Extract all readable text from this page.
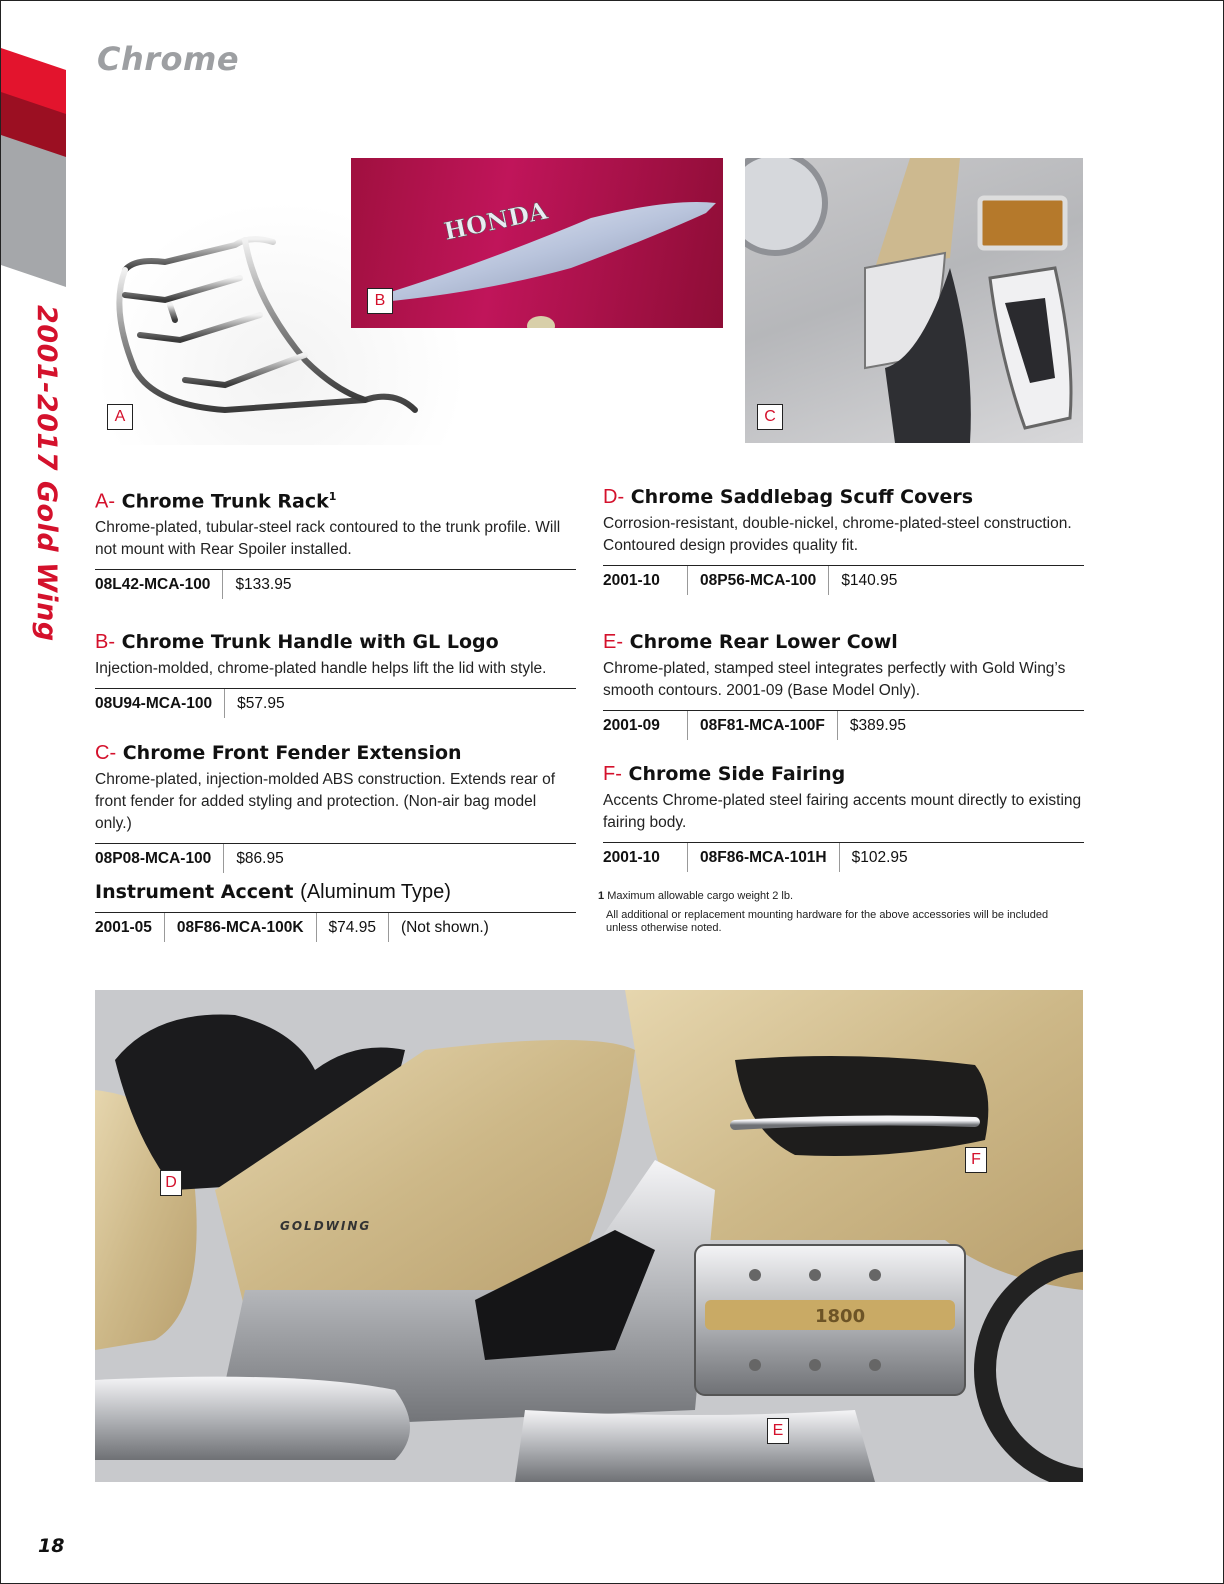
2001-2017 Gold Wing
Chrome
A
HONDA
B
C
A- Chrome Trunk Rack$^1$

Chrome-plated, tubular-steel rack contoured to the trunk profile. Will not mount with Rear Spoiler installed.

08L42-MCA-100	$133.95
B- Chrome Trunk Handle with GL Logo

Injection-molded, chrome-plated handle helps lift the lid with style.

08U94-MCA-100	$57.95
C- Chrome Front Fender Extension

Chrome-plated, injection-molded ABS construction. Extends rear of front fender for added styling and protection. (Non-air bag model only.)

08P08-MCA-100	$86.95
Instrument Accent (Aluminum Type)
2001-05	08F86-MCA-100K	$74.95	(Not shown.)
D- Chrome Saddlebag Scuff Covers

Corrosion-resistant, double-nickel, chrome-plated-steel construction. Contoured design provides quality fit.

2001-10	08P56-MCA-100	$140.95
E- Chrome Rear Lower Cowl

Chrome-plated, stamped steel integrates perfectly with Gold Wing’s smooth contours. 2001-09 (Base Model Only).

2001-09	08F81-MCA-100F	$389.95
F- Chrome Side Fairing

Accents Chrome-plated steel fairing accents mount directly to existing fairing body.

2001-10	08F86-MCA-101H	$102.95
1 Maximum allowable cargo weight 2 lb.
All additional or replacement mounting hardware for the above accessories will be included unless otherwise noted.
GOLDWING
1800
D
F
E
18
